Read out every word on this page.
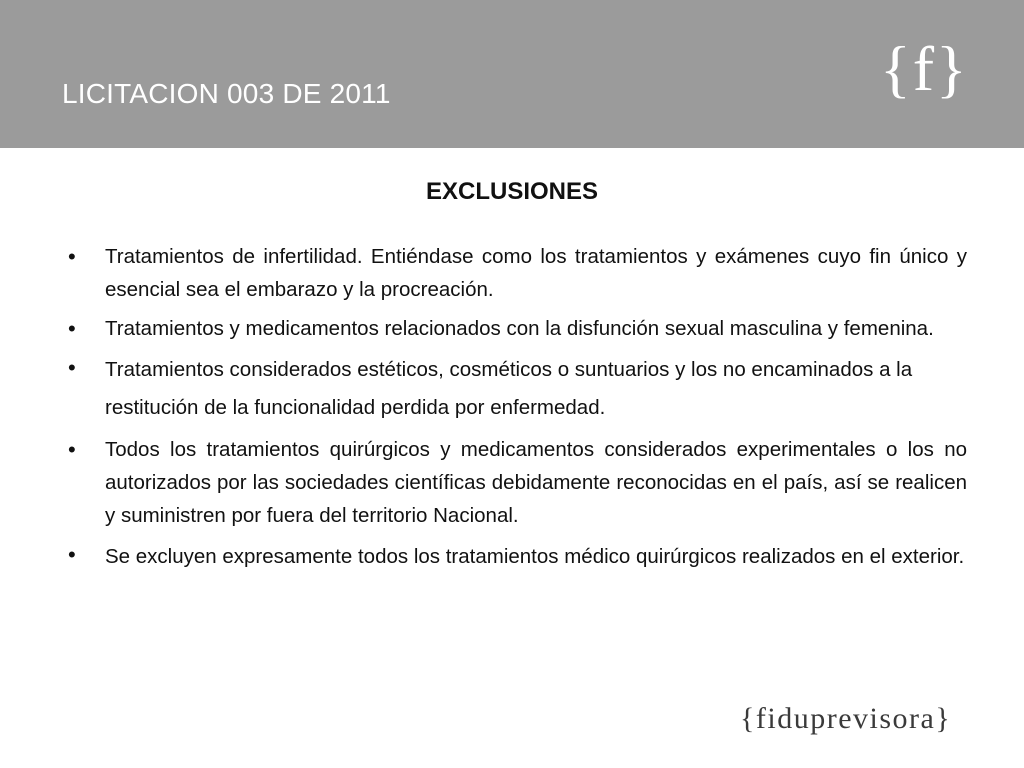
LICITACION 003 DE 2011	{f}
EXCLUSIONES
• Tratamientos de infertilidad. Entiéndase como los tratamientos y exámenes cuyo fin único y esencial sea el embarazo y la procreación.
• Tratamientos y medicamentos relacionados con la disfunción sexual masculina y femenina.
• Tratamientos considerados estéticos, cosméticos o suntuarios y los no encaminados a la restitución de la funcionalidad perdida por enfermedad.
• Todos los tratamientos quirúrgicos y medicamentos considerados experimentales o los no autorizados por las sociedades científicas debidamente reconocidas en el país, así se realicen y suministren por fuera del territorio Nacional.
• Se excluyen expresamente todos los tratamientos médico quirúrgicos realizados en el exterior.
{fiduprevisora}
